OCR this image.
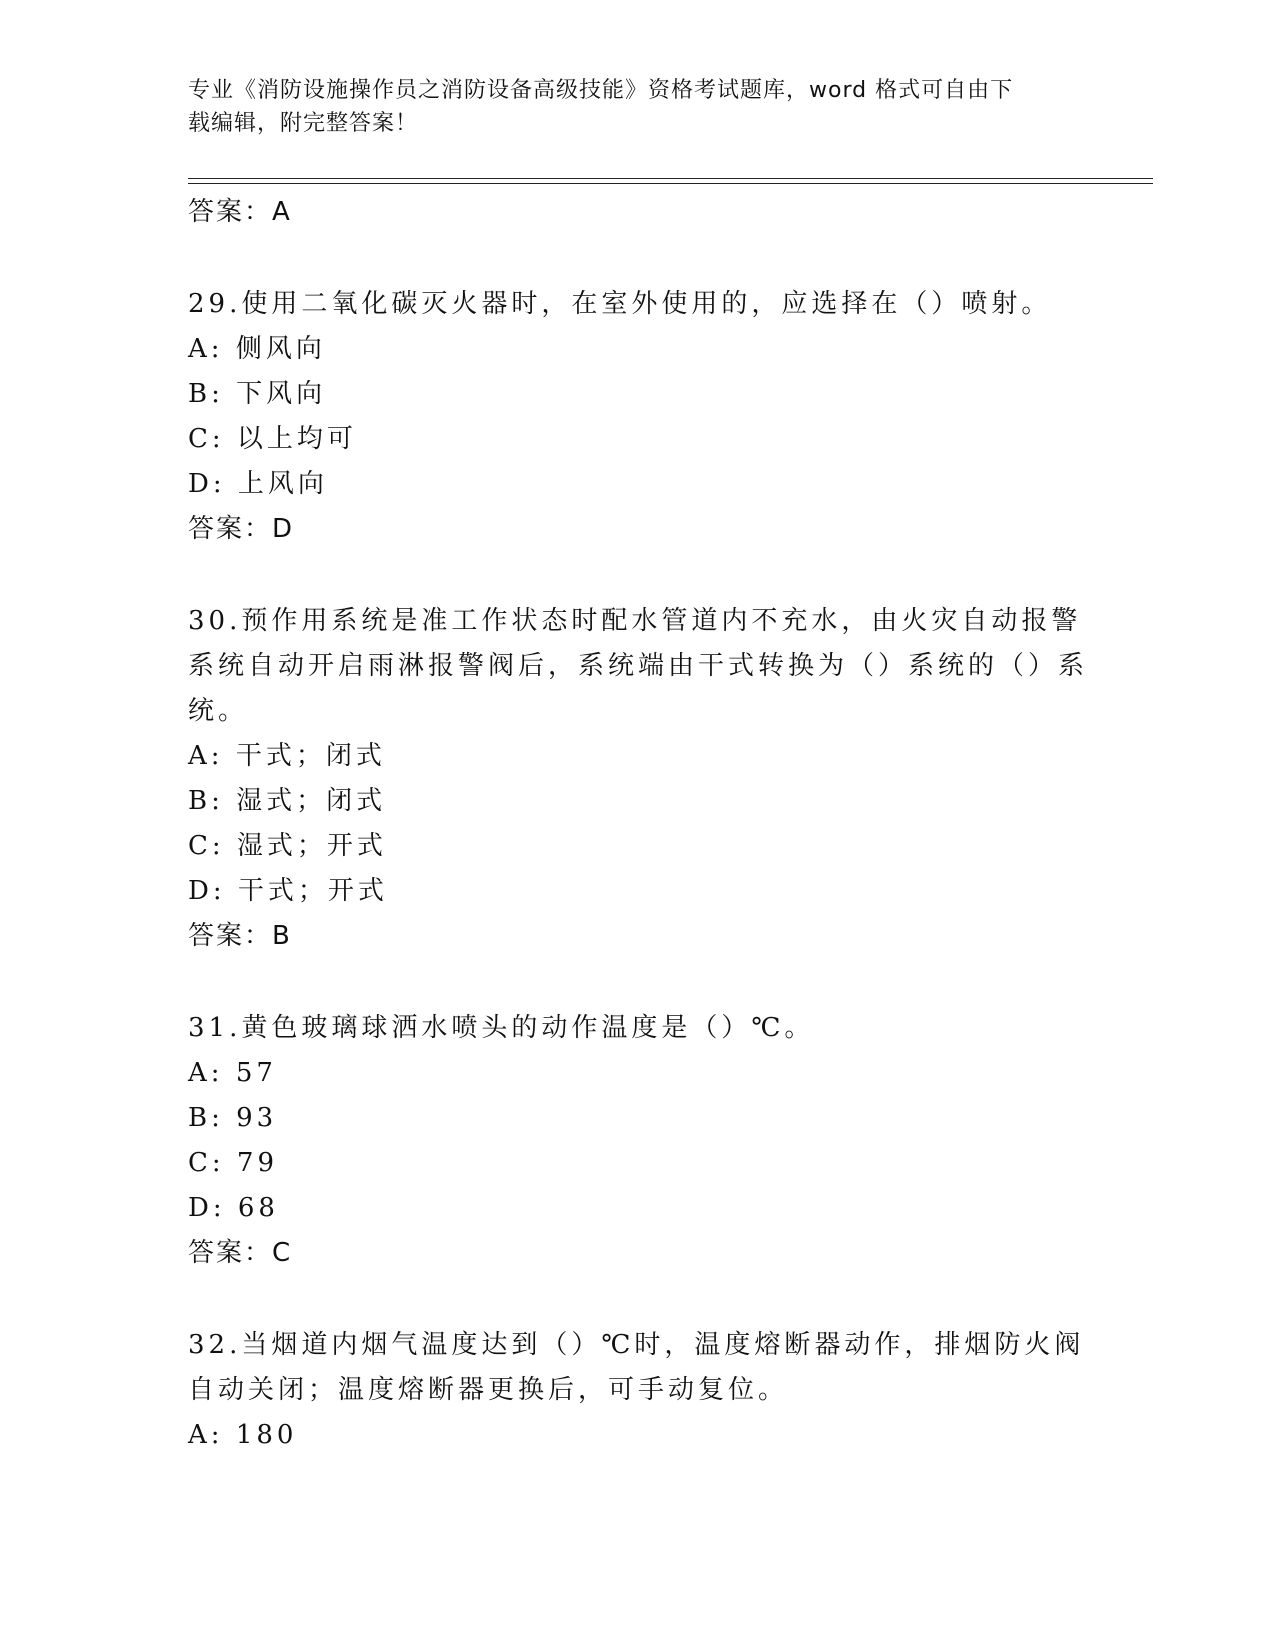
专业《消防设施操作员之消防设备高级技能》资格考试题库，word 格式可自由下
载编辑，附完整答案！
答案：A
29.使用二氧化碳灭火器时，在室外使用的，应选择在（）喷射。
A: 侧风向
B: 下风向
C: 以上均可
D: 上风向
答案：D
30.预作用系统是准工作状态时配水管道内不充水，由火灾自动报警系统自动开启雨淋报警阀后，系统端由干式转换为（）系统的（）系统。
A: 干式；闭式
B: 湿式；闭式
C: 湿式；开式
D: 干式；开式
答案：B
31.黄色玻璃球洒水喷头的动作温度是（）℃。
A: 57
B: 93
C: 79
D: 68
答案：C
32.当烟道内烟气温度达到（）℃时，温度熔断器动作，排烟防火阀自动关闭；温度熔断器更换后，可手动复位。
A: 180
